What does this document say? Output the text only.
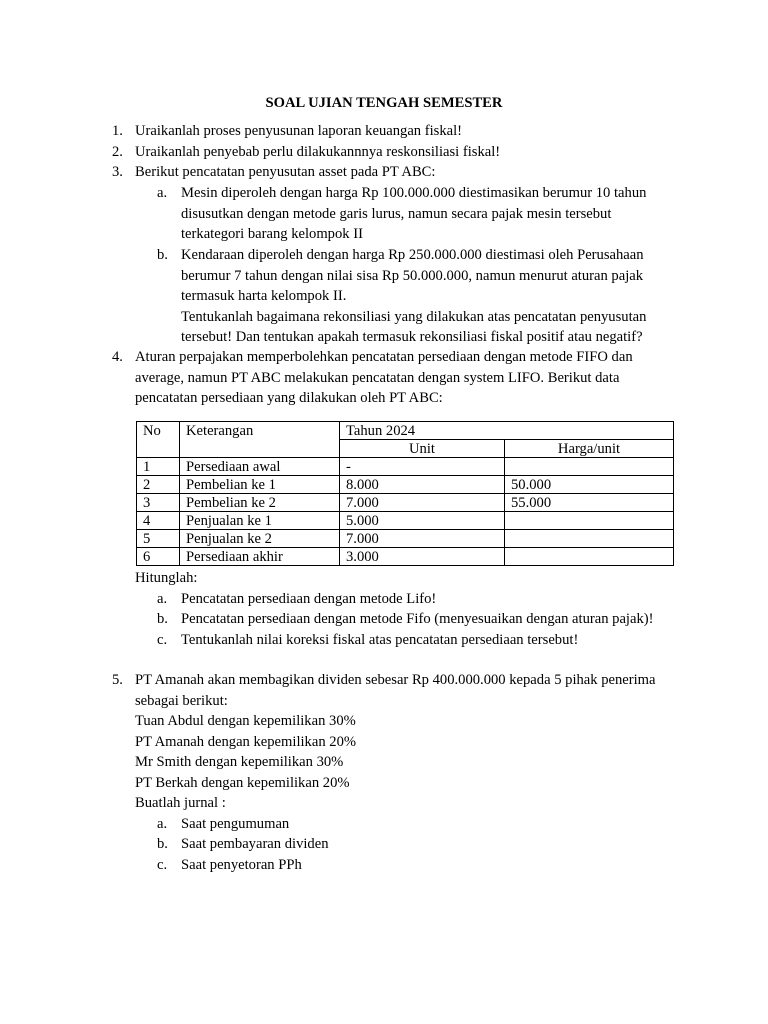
SOAL UJIAN TENGAH SEMESTER
1. Uraikanlah proses penyusunan laporan keuangan fiskal!
2. Uraikanlah penyebab perlu dilakukannnya reskonsiliasi fiskal!
3. Berikut pencatatan penyusutan asset pada PT ABC:
a. Mesin diperoleh dengan harga Rp 100.000.000 diestimasikan berumur 10 tahun
disusutkan dengan metode garis lurus, namun secara pajak mesin tersebut
terkategori barang kelompok II
b. Kendaraan diperoleh dengan harga Rp 250.000.000 diestimasi oleh Perusahaan
berumur 7 tahun dengan nilai sisa Rp 50.000.000, namun menurut aturan pajak
termasuk harta kelompok II.
Tentukanlah bagaimana rekonsiliasi yang dilakukan atas pencatatan penyusutan
tersebut! Dan tentukan apakah termasuk rekonsiliasi fiskal positif atau negatif?
4. Aturan perpajakan memperbolehkan pencatatan persediaan dengan metode FIFO dan
average, namun PT ABC melakukan pencatatan dengan system LIFO. Berikut data
pencatatan persediaan yang dilakukan oleh PT ABC:
No	Keterangan	Tahun 2024	
		Unit	Harga/unit
1	Persediaan awal	-	
2	Pembelian ke 1	8.000	50.000
3	Pembelian ke 2	7.000	55.000
4	Penjualan ke 1	5.000	
5	Penjualan ke 2	7.000	
6	Persediaan akhir	3.000	
Hitunglah:
a. Pencatatan persediaan dengan metode Lifo!
b. Pencatatan persediaan dengan metode Fifo (menyesuaikan dengan aturan pajak)!
c. Tentukanlah nilai koreksi fiskal atas pencatatan persediaan tersebut!
5. PT Amanah akan membagikan dividen sebesar Rp 400.000.000 kepada 5 pihak penerima
sebagai berikut:
Tuan Abdul dengan kepemilikan 30%
PT Amanah dengan kepemilikan 20%
Mr Smith dengan kepemilikan 30%
PT Berkah dengan kepemilikan 20%
Buatlah jurnal :
a. Saat pengumuman
b. Saat pembayaran dividen
c. Saat penyetoran PPh
